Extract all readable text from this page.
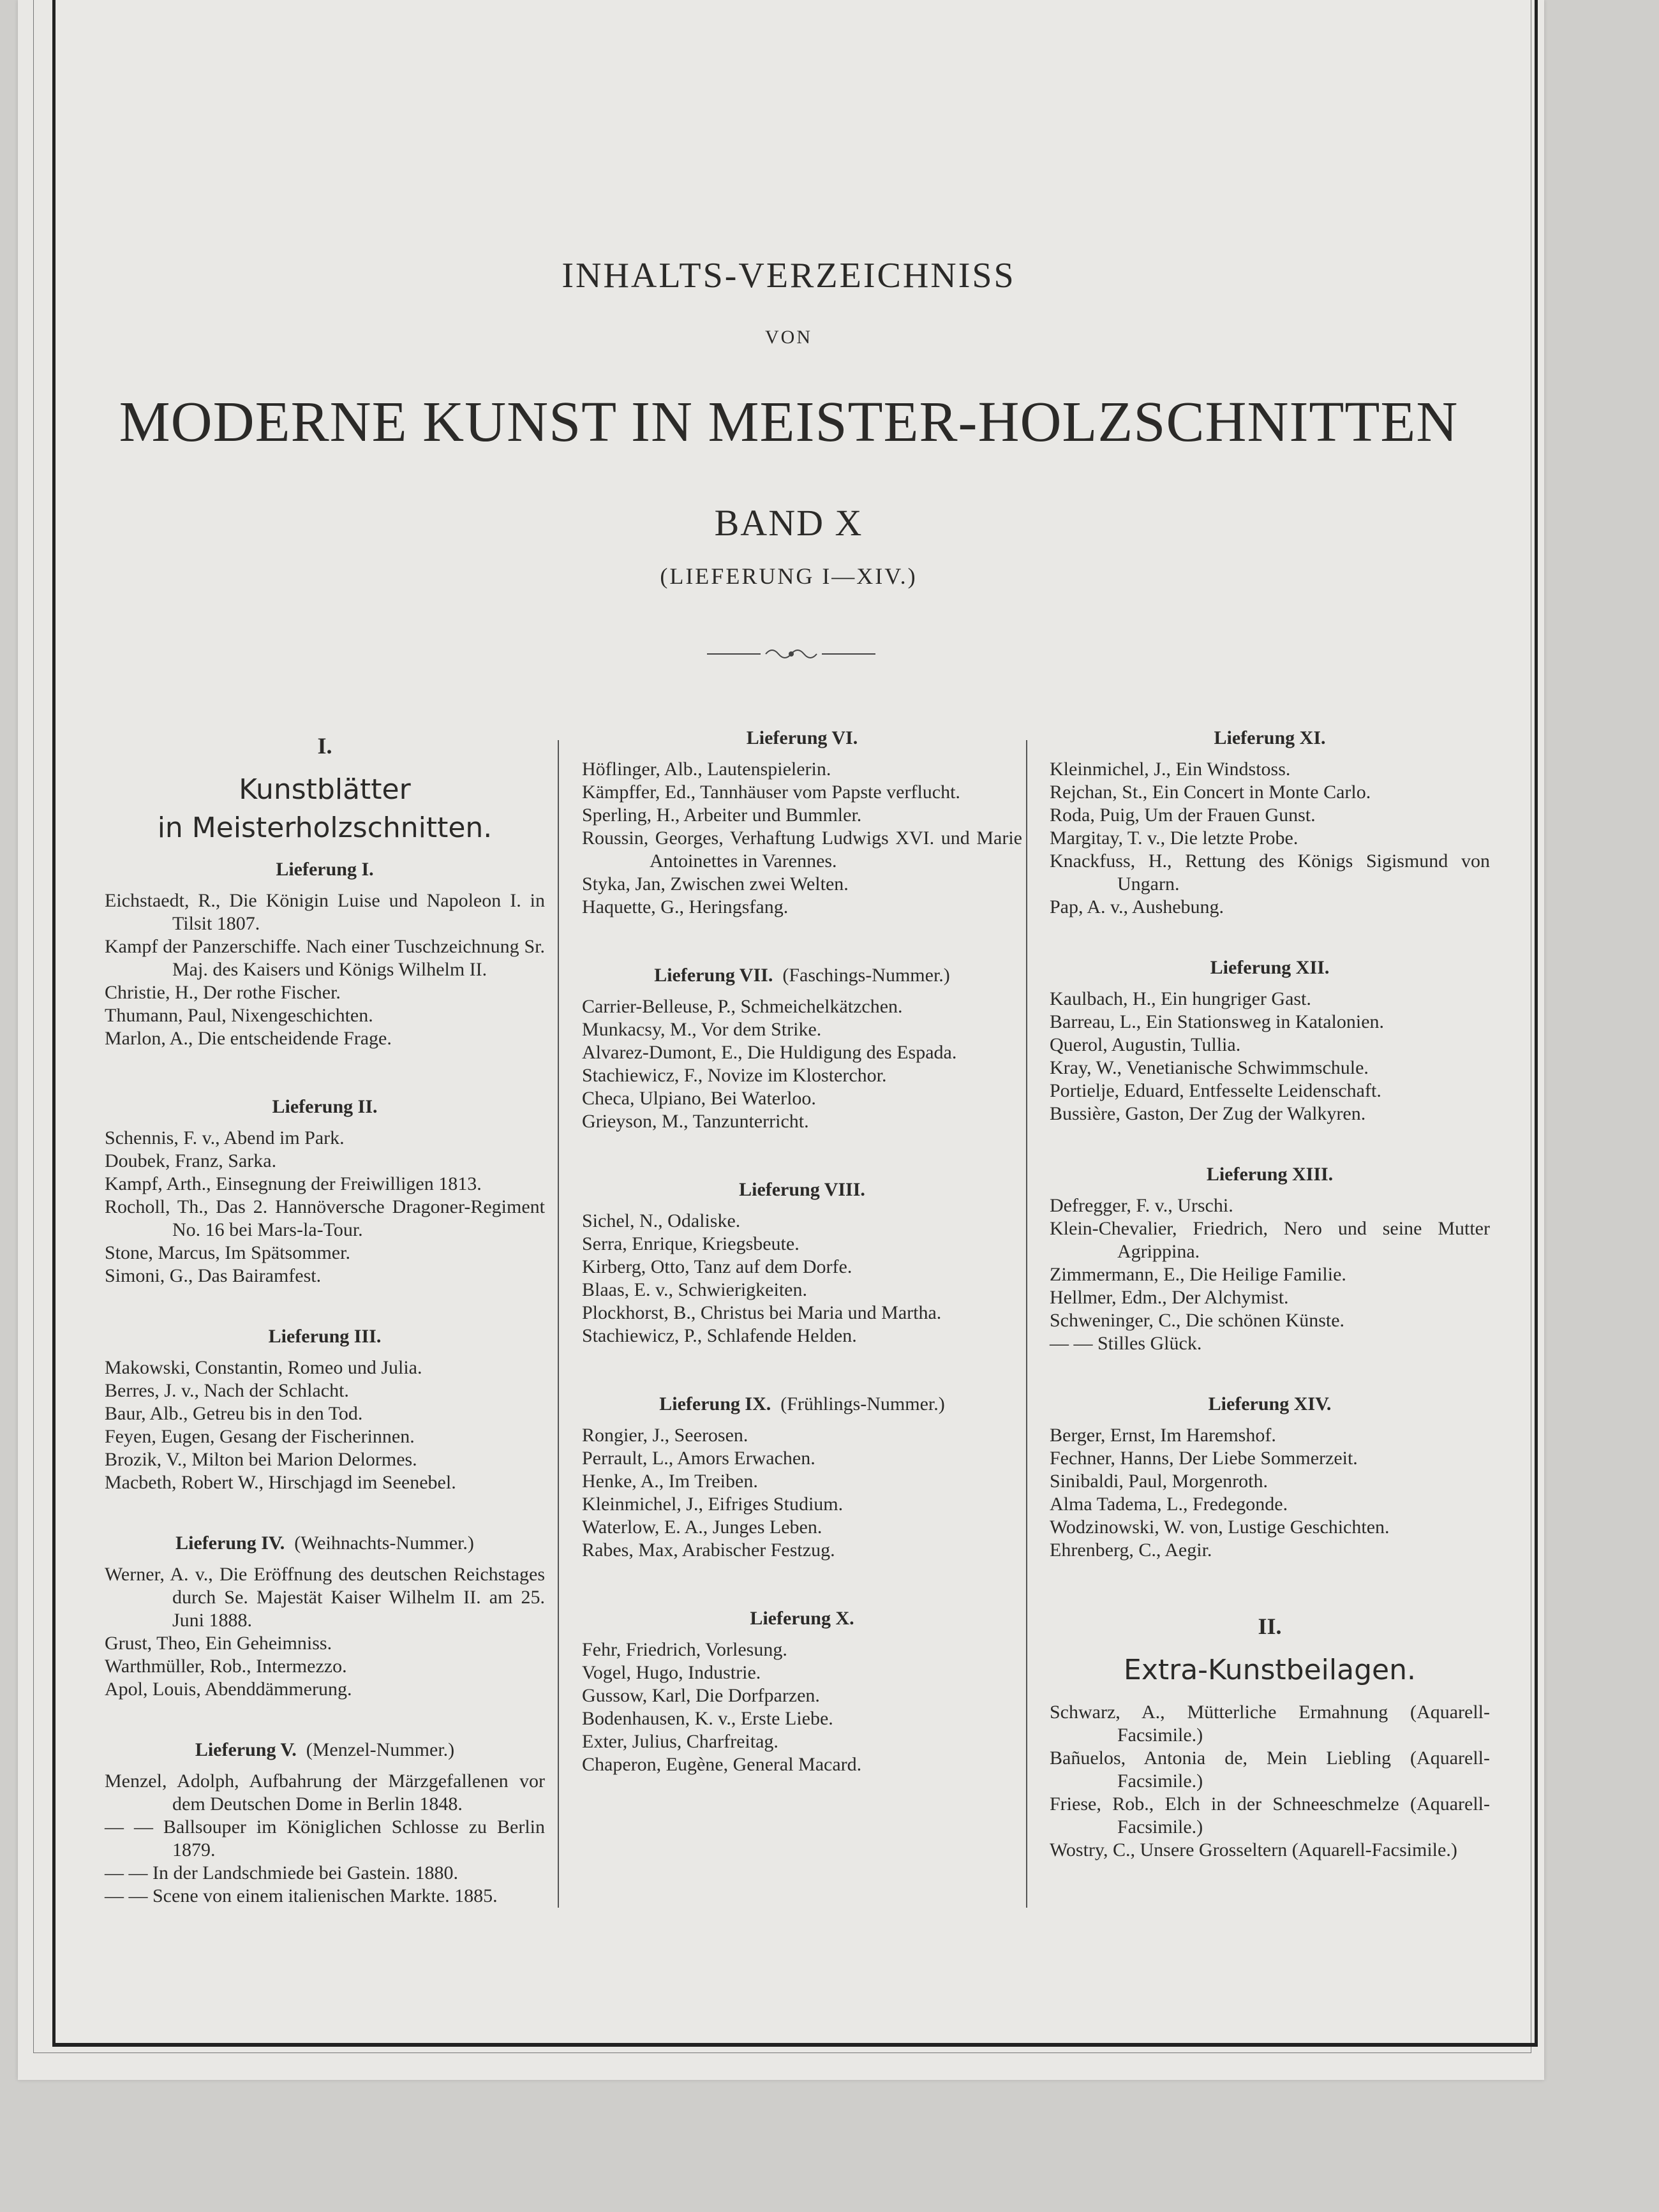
INHALTS-VERZEICHNISS
VON
MODERNE KUNST IN MEISTER-HOLZSCHNITTEN
BAND X
(LIEFERUNG I—XIV.)
I.
Kunstblätter
in Meisterholzschnitten.
Lieferung I.
Eichstaedt, R., Die Königin Luise und Napoleon I. in Tilsit 1807.
Kampf der Panzerschiffe. Nach einer Tuschzeichnung Sr. Maj. des Kaisers und Königs Wilhelm II.
Christie, H., Der rothe Fischer.
Thumann, Paul, Nixengeschichten.
Marlon, A., Die entscheidende Frage.
Lieferung II.
Schennis, F. v., Abend im Park.
Doubek, Franz, Sarka.
Kampf, Arth., Einsegnung der Freiwilligen 1813.
Rocholl, Th., Das 2. Hannöversche Dragoner-Regiment No. 16 bei Mars-la-Tour.
Stone, Marcus, Im Spätsommer.
Simoni, G., Das Bairamfest.
Lieferung III.
Makowski, Constantin, Romeo und Julia.
Berres, J. v., Nach der Schlacht.
Baur, Alb., Getreu bis in den Tod.
Feyen, Eugen, Gesang der Fischerinnen.
Brozik, V., Milton bei Marion Delormes.
Macbeth, Robert W., Hirschjagd im Seenebel.
Lieferung IV. (Weihnachts-Nummer.)
Werner, A. v., Die Eröffnung des deutschen Reichstages durch Se. Majestät Kaiser Wilhelm II. am 25. Juni 1888.
Grust, Theo, Ein Geheimniss.
Warthmüller, Rob., Intermezzo.
Apol, Louis, Abenddämmerung.
Lieferung V. (Menzel-Nummer.)
Menzel, Adolph, Aufbahrung der Märzgefallenen vor dem Deutschen Dome in Berlin 1848.
— — Ballsouper im Königlichen Schlosse zu Berlin 1879.
— — In der Landschmiede bei Gastein. 1880.
— — Scene von einem italienischen Markte. 1885.
Lieferung VI.
Höflinger, Alb., Lautenspielerin.
Kämpffer, Ed., Tannhäuser vom Papste verflucht.
Sperling, H., Arbeiter und Bummler.
Roussin, Georges, Verhaftung Ludwigs XVI. und Marie Antoinettes in Varennes.
Styka, Jan, Zwischen zwei Welten.
Haquette, G., Heringsfang.
Lieferung VII. (Faschings-Nummer.)
Carrier-Belleuse, P., Schmeichelkätzchen.
Munkacsy, M., Vor dem Strike.
Alvarez-Dumont, E., Die Huldigung des Espada.
Stachiewicz, F., Novize im Klosterchor.
Checa, Ulpiano, Bei Waterloo.
Grieyson, M., Tanzunterricht.
Lieferung VIII.
Sichel, N., Odaliske.
Serra, Enrique, Kriegsbeute.
Kirberg, Otto, Tanz auf dem Dorfe.
Blaas, E. v., Schwierigkeiten.
Plockhorst, B., Christus bei Maria und Martha.
Stachiewicz, P., Schlafende Helden.
Lieferung IX. (Frühlings-Nummer.)
Rongier, J., Seerosen.
Perrault, L., Amors Erwachen.
Henke, A., Im Treiben.
Kleinmichel, J., Eifriges Studium.
Waterlow, E. A., Junges Leben.
Rabes, Max, Arabischer Festzug.
Lieferung X.
Fehr, Friedrich, Vorlesung.
Vogel, Hugo, Industrie.
Gussow, Karl, Die Dorfparzen.
Bodenhausen, K. v., Erste Liebe.
Exter, Julius, Charfreitag.
Chaperon, Eugène, General Macard.
Lieferung XI.
Kleinmichel, J., Ein Windstoss.
Rejchan, St., Ein Concert in Monte Carlo.
Roda, Puig, Um der Frauen Gunst.
Margitay, T. v., Die letzte Probe.
Knackfuss, H., Rettung des Königs Sigismund von Ungarn.
Pap, A. v., Aushebung.
Lieferung XII.
Kaulbach, H., Ein hungriger Gast.
Barreau, L., Ein Stationsweg in Katalonien.
Querol, Augustin, Tullia.
Kray, W., Venetianische Schwimmschule.
Portielje, Eduard, Entfesselte Leidenschaft.
Bussière, Gaston, Der Zug der Walkyren.
Lieferung XIII.
Defregger, F. v., Urschi.
Klein-Chevalier, Friedrich, Nero und seine Mutter Agrippina.
Zimmermann, E., Die Heilige Familie.
Hellmer, Edm., Der Alchymist.
Schweninger, C., Die schönen Künste.
— — Stilles Glück.
Lieferung XIV.
Berger, Ernst, Im Haremshof.
Fechner, Hanns, Der Liebe Sommerzeit.
Sinibaldi, Paul, Morgenroth.
Alma Tadema, L., Fredegonde.
Wodzinowski, W. von, Lustige Geschichten.
Ehrenberg, C., Aegir.
II.
Extra-Kunstbeilagen.
Schwarz, A., Mütterliche Ermahnung (Aquarell-Facsimile.)
Bañuelos, Antonia de, Mein Liebling (Aquarell-Facsimile.)
Friese, Rob., Elch in der Schneeschmelze (Aquarell-Facsimile.)
Wostry, C., Unsere Grosseltern (Aquarell-Facsimile.)
